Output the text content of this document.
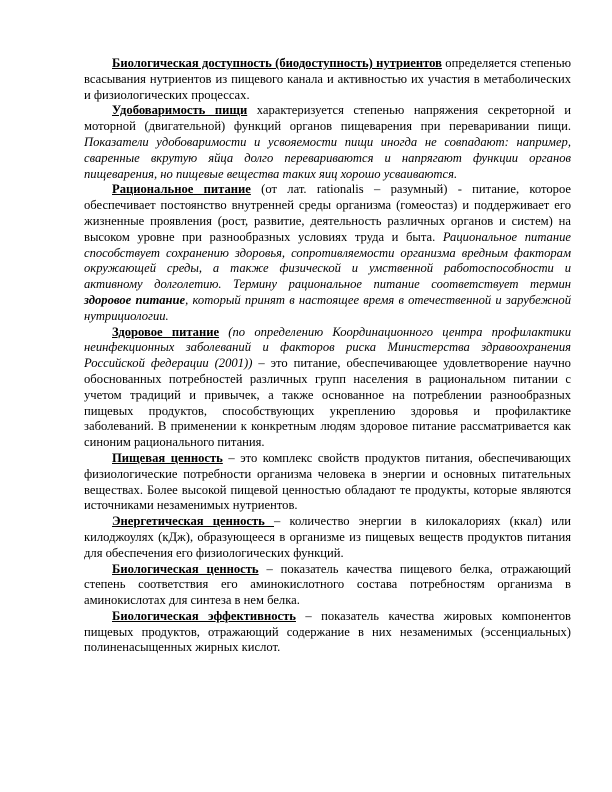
Биологическая доступность (биодоступность) нутриентов определяется степенью всасывания нутриентов из пищевого канала и активностью их участия в метаболических и физиологических процессах.

Удобоваримость пищи характеризуется степенью напряжения секреторной и моторной (двигательной) функций органов пищеварения при переваривании пищи. Показатели удобоваримости и усвояемости пищи иногда не совпадают: например, сваренные вкрутую яйца долго перевариваются и напрягают функции органов пищеварения, но пищевые вещества таких яиц хорошо усваиваются.

Рациональное питание (от лат. rationalis – разумный) - питание, которое обеспечивает постоянство внутренней среды организма (гомеостаз) и поддерживает его жизненные проявления (рост, развитие, деятельность различных органов и систем) на высоком уровне при разнообразных условиях труда и быта. Рациональное питание способствует сохранению здоровья, сопротивляемости организма вредным факторам окружающей среды, а также физической и умственной работоспособности и активному долголетию. Термину рациональное питание соответствует термин здоровое питание, который принят в настоящее время в отечественной и зарубежной нутрициологии.

Здоровое питание (по определению Координационного центра профилактики неинфекционных заболеваний и факторов риска Министерства здравоохранения Российской федерации (2001)) – это питание, обеспечивающее удовлетворение научно обоснованных потребностей различных групп населения в рациональном питании с учетом традиций и привычек, а также основанное на потреблении разнообразных пищевых продуктов, способствующих укреплению здоровья и профилактике заболеваний. В применении к конкретным людям здоровое питание рассматривается как синоним рационального питания.

Пищевая ценность – это комплекс свойств продуктов питания, обеспечивающих физиологические потребности организма человека в энергии и основных питательных веществах. Более высокой пищевой ценностью обладают те продукты, которые являются источниками незаменимых нутриентов.

Энергетическая ценность – количество энергии в килокалориях (ккал) или килоджоулях (кДж), образующееся в организме из пищевых веществ продуктов питания для обеспечения его физиологических функций.

Биологическая ценность – показатель качества пищевого белка, отражающий степень соответствия его аминокислотного состава потребностям организма в аминокислотах для синтеза в нем белка.

Биологическая эффективность – показатель качества жировых компонентов пищевых продуктов, отражающий содержание в них незаменимых (эссенциальных) полиненасыщенных жирных кислот.
